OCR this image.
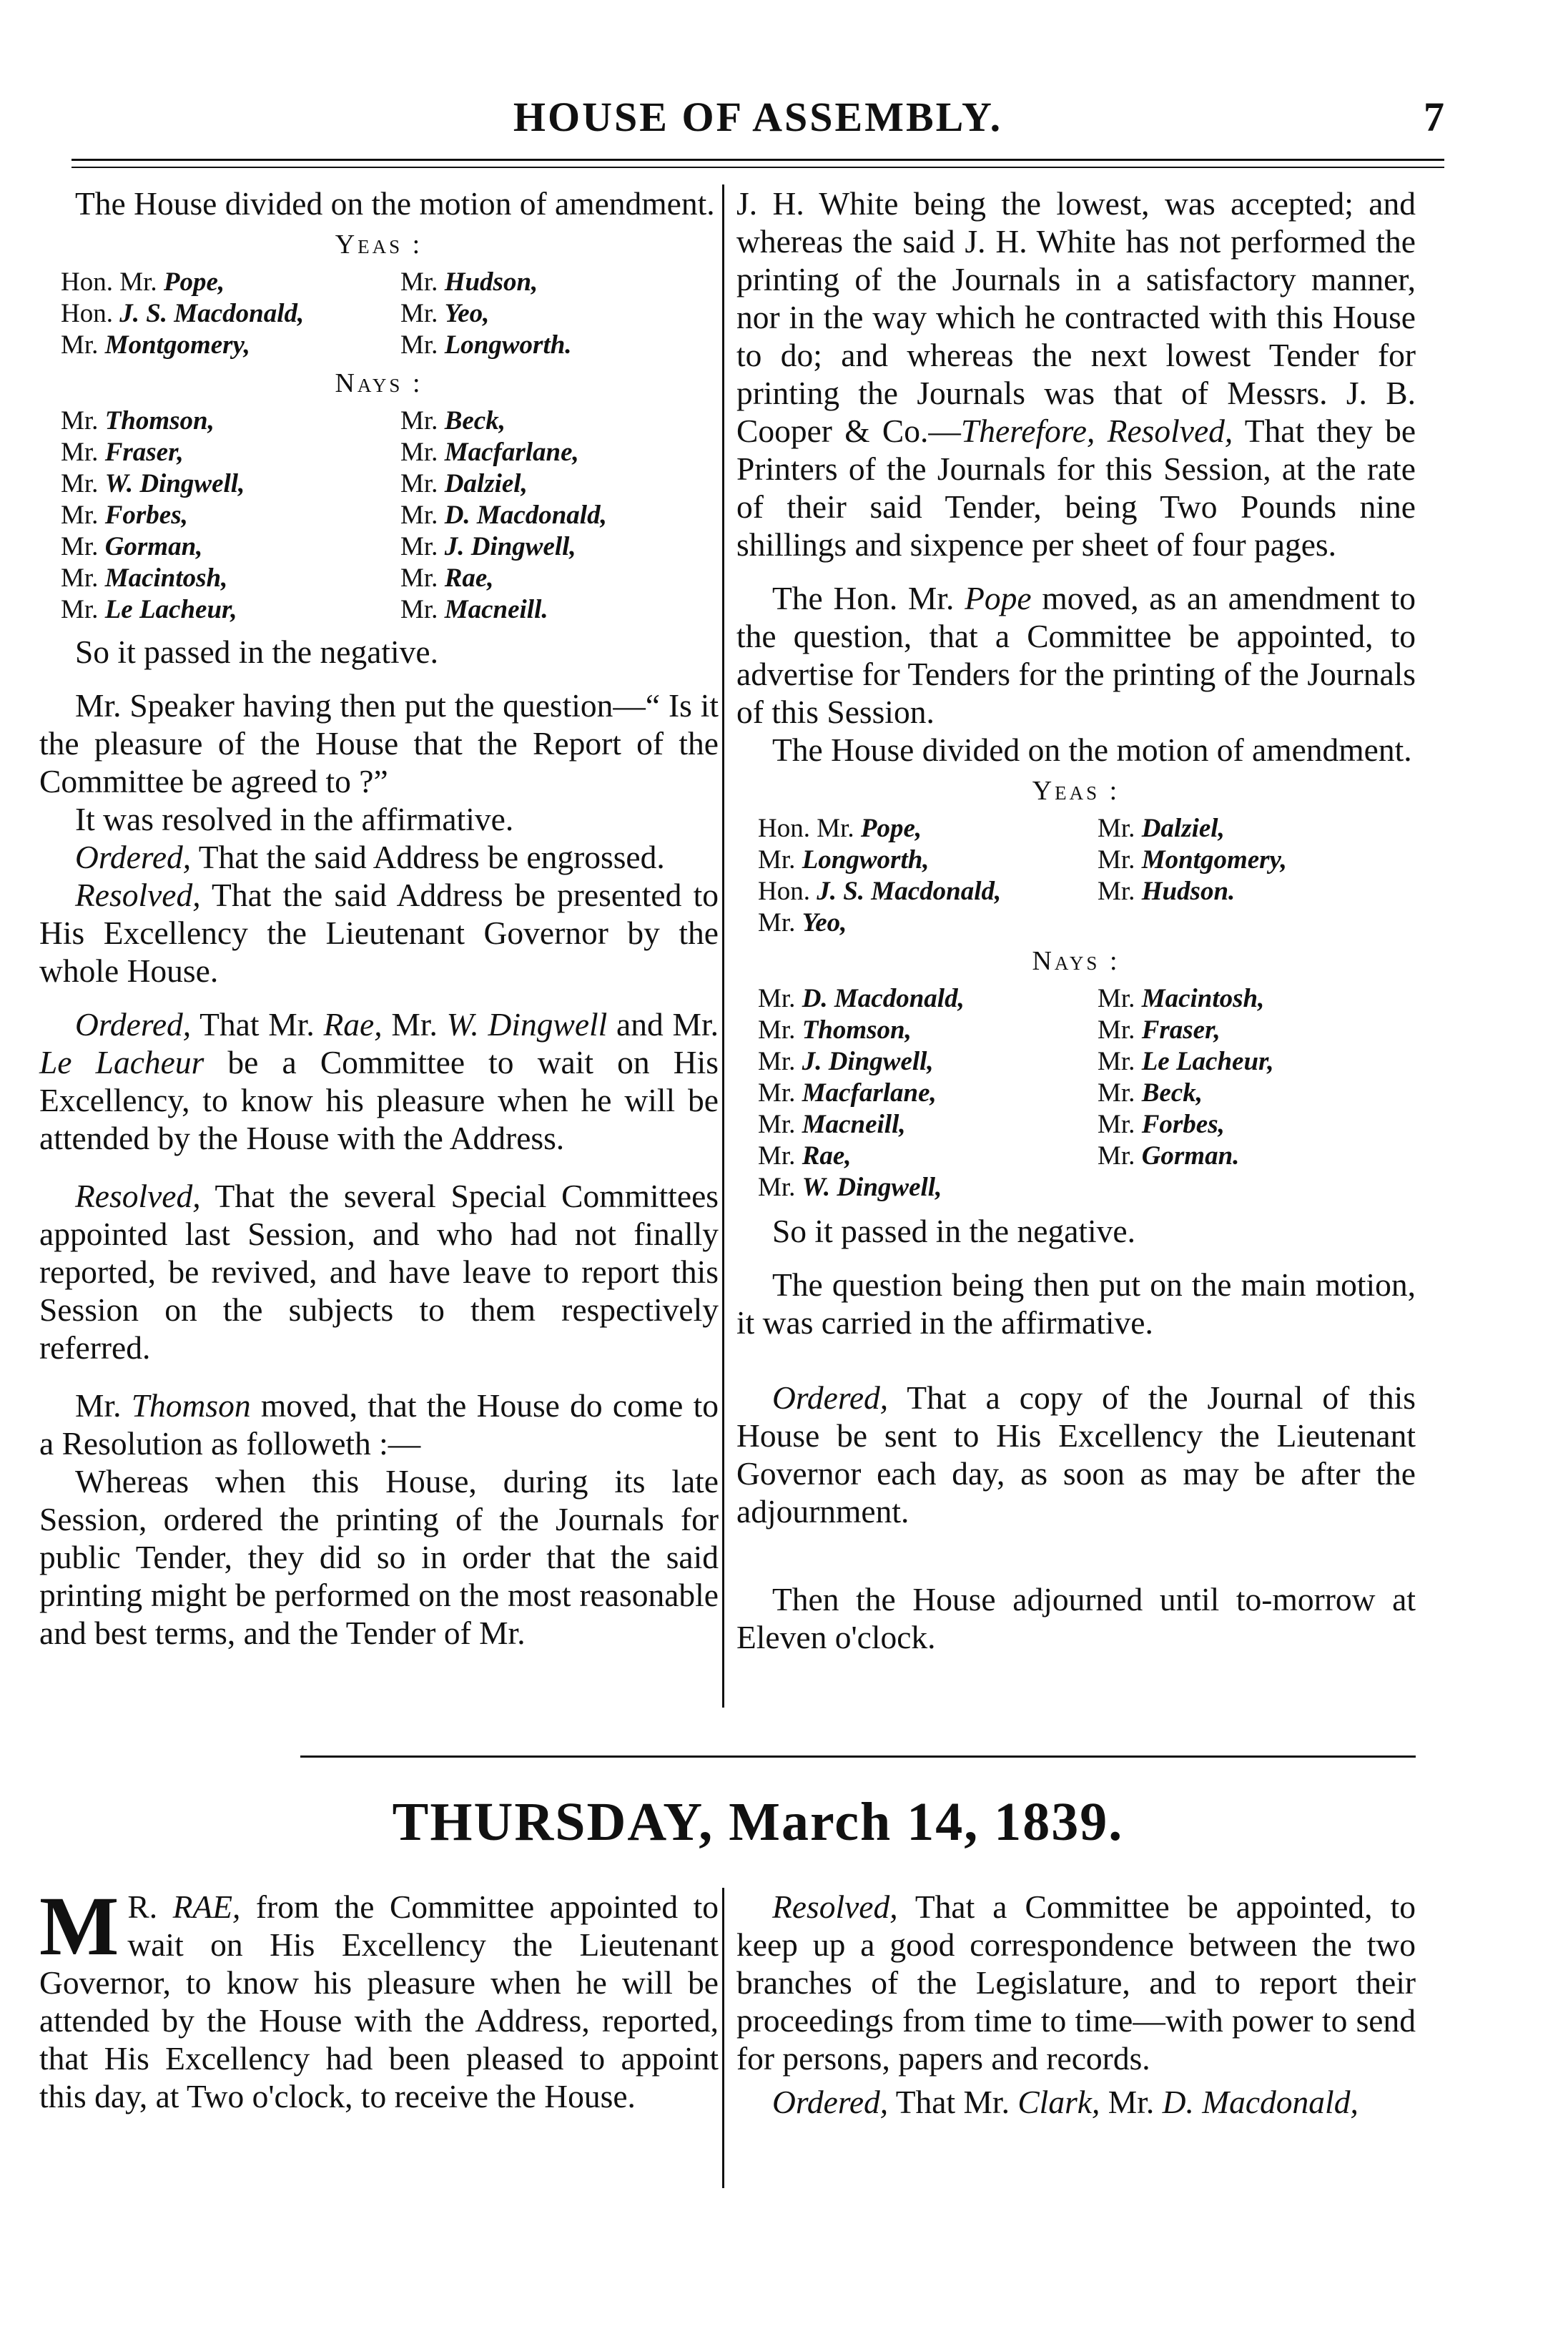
HOUSE OF ASSEMBLY.	7

The House divided on the motion of amendment.

Yeas :
Hon. Mr. Pope,	Mr. Hudson,
Hon. J. S. Macdonald,	Mr. Yeo,
Mr. Montgomery,	Mr. Longworth.
Nays :
Mr. Thomson,	Mr. Beck,
Mr. Fraser,	Mr. Macfarlane,
Mr. W. Dingwell,	Mr. Dalziel,
Mr. Forbes,	Mr. D. Macdonald,
Mr. Gorman,	Mr. J. Dingwell,
Mr. Macintosh,	Mr. Rae,
Mr. Le Lacheur,	Mr. Macneill.

So it passed in the negative.

Mr. Speaker having then put the question—“ Is it the pleasure of the House that the Report of the Committee be agreed to ?”

It was resolved in the affirmative.

Ordered, That the said Address be engrossed.

Resolved, That the said Address be presented to His Excellency the Lieutenant Governor by the whole House.

Ordered, That Mr. Rae, Mr. W. Dingwell and Mr. Le Lacheur be a Committee to wait on His Excellency, to know his pleasure when he will be attended by the House with the Address.

Resolved, That the several Special Committees appointed last Session, and who had not finally reported, be revived, and have leave to report this Session on the subjects to them respectively referred.

Mr. Thomson moved, that the House do come to a Resolution as followeth :—

Whereas when this House, during its late Session, ordered the printing of the Journals for public Tender, they did so in order that the said printing might be performed on the most reasonable and best terms, and the Tender of Mr.

J. H. White being the lowest, was accepted; and whereas the said J. H. White has not performed the printing of the Journals in a satisfactory manner, nor in the way which he contracted with this House to do; and whereas the next lowest Tender for printing the Journals was that of Messrs. J. B. Cooper & Co.—Therefore, Resolved, That they be Printers of the Journals for this Session, at the rate of their said Tender, being Two Pounds nine shillings and sixpence per sheet of four pages.

The Hon. Mr. Pope moved, as an amendment to the question, that a Committee be appointed, to advertise for Tenders for the printing of the Journals of this Session.

The House divided on the motion of amendment.

Yeas :
Hon. Mr. Pope,	Mr. Dalziel,
Mr. Longworth,	Mr. Montgomery,
Hon. J. S. Macdonald,	Mr. Hudson.
Mr. Yeo,
Nays :
Mr. D. Macdonald,	Mr. Macintosh,
Mr. Thomson,	Mr. Fraser,
Mr. J. Dingwell,	Mr. Le Lacheur,
Mr. Macfarlane,	Mr. Beck,
Mr. Macneill,	Mr. Forbes,
Mr. Rae,	Mr. Gorman.
Mr. W. Dingwell,

So it passed in the negative.

The question being then put on the main motion, it was carried in the affirmative.

Ordered, That a copy of the Journal of this House be sent to His Excellency the Lieutenant Governor each day, as soon as may be after the adjournment.

Then the House adjourned until to-morrow at Eleven o'clock.

THURSDAY, March 14, 1839.

M R. RAE, from the Committee appointed to wait on His Excellency the Lieutenant Governor, to know his pleasure when he will be attended by the House with the Address, reported, that His Excellency had been pleased to appoint this day, at Two o'clock, to receive the House.

Resolved, That a Committee be appointed, to keep up a good correspondence between the two branches of the Legislature, and to report their proceedings from time to time—with power to send for persons, papers and records.

Ordered, That Mr. Clark, Mr. D. Macdonald,
